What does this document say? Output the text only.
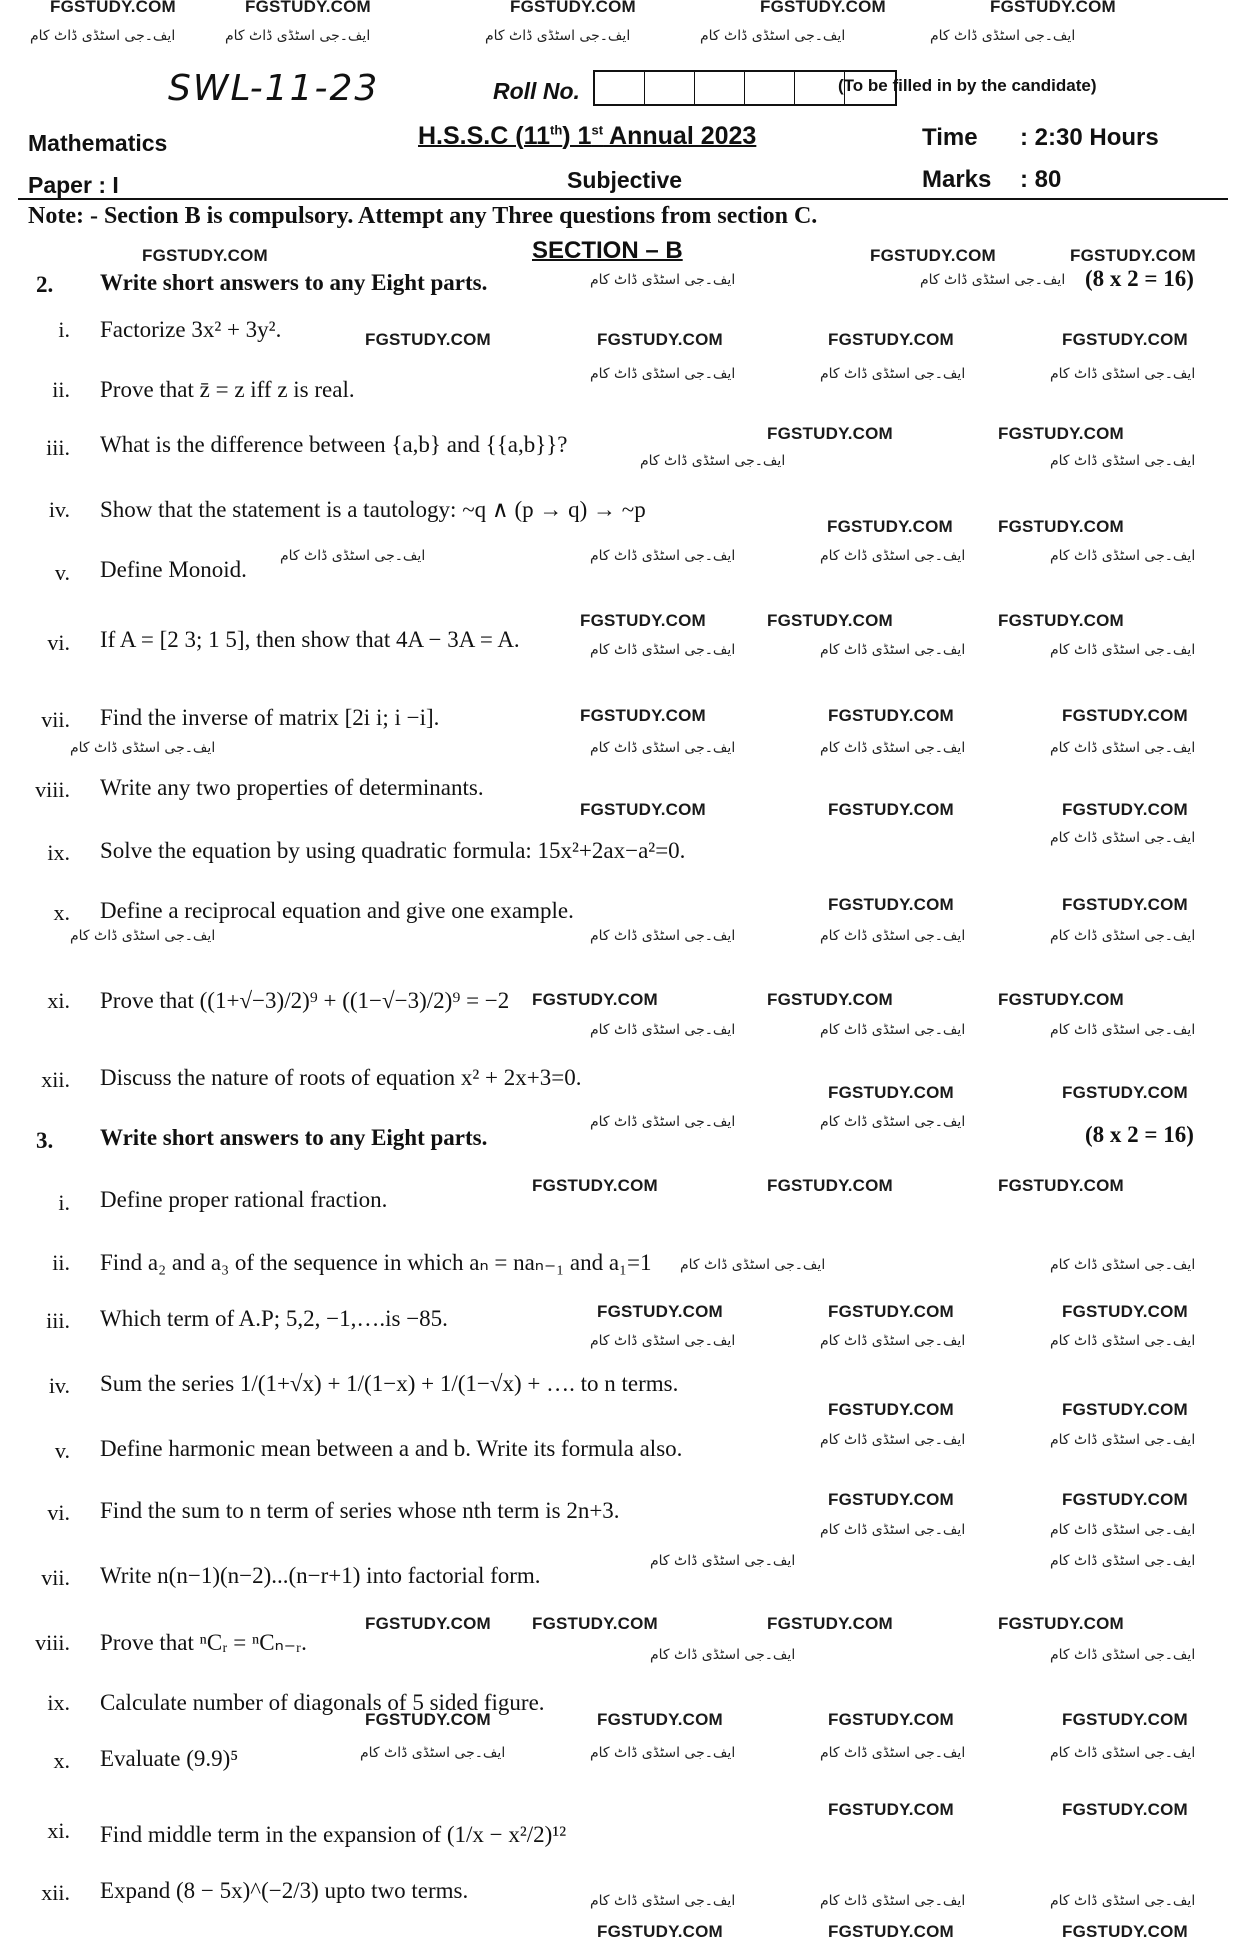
FGSTUDY.COM	FGSTUDY.COM	FGSTUDY.COM	FGSTUDY.COM	FGSTUDY.COM
ایف۔جی اسٹڈی ڈاٹ کام	ایف۔جی اسٹڈی ڈاٹ کام	ایف۔جی اسٹڈی ڈاٹ کام	ایف۔جی اسٹڈی ڈاٹ کام	ایف۔جی اسٹڈی ڈاٹ کام
FGSTUDY.COM	FGSTUDY.COM	FGSTUDY.COM
ایف۔جی اسٹڈی ڈاٹ کام	ایف۔جی اسٹڈی ڈاٹ کام
FGSTUDY.COM	FGSTUDY.COM	FGSTUDY.COM	FGSTUDY.COM
ایف۔جی اسٹڈی ڈاٹ کام	ایف۔جی اسٹڈی ڈاٹ کام	ایف۔جی اسٹڈی ڈاٹ کام
FGSTUDY.COM	FGSTUDY.COM
ایف۔جی اسٹڈی ڈاٹ کام	ایف۔جی اسٹڈی ڈاٹ کام
FGSTUDY.COM	FGSTUDY.COM
ایف۔جی اسٹڈی ڈاٹ کام	ایف۔جی اسٹڈی ڈاٹ کام	ایف۔جی اسٹڈی ڈاٹ کام	ایف۔جی اسٹڈی ڈاٹ کام
FGSTUDY.COM	FGSTUDY.COM	FGSTUDY.COM
ایف۔جی اسٹڈی ڈاٹ کام	ایف۔جی اسٹڈی ڈاٹ کام	ایف۔جی اسٹڈی ڈاٹ کام
FGSTUDY.COM	FGSTUDY.COM	FGSTUDY.COM
ایف۔جی اسٹڈی ڈاٹ کام	ایف۔جی اسٹڈی ڈاٹ کام	ایف۔جی اسٹڈی ڈاٹ کام	ایف۔جی اسٹڈی ڈاٹ کام
FGSTUDY.COM	FGSTUDY.COM	FGSTUDY.COM
ایف۔جی اسٹڈی ڈاٹ کام
FGSTUDY.COM	FGSTUDY.COM
ایف۔جی اسٹڈی ڈاٹ کام	ایف۔جی اسٹڈی ڈاٹ کام	ایف۔جی اسٹڈی ڈاٹ کام	ایف۔جی اسٹڈی ڈاٹ کام
FGSTUDY.COM	FGSTUDY.COM	FGSTUDY.COM
ایف۔جی اسٹڈی ڈاٹ کام	ایف۔جی اسٹڈی ڈاٹ کام	ایف۔جی اسٹڈی ڈاٹ کام
FGSTUDY.COM	FGSTUDY.COM
ایف۔جی اسٹڈی ڈاٹ کام	ایف۔جی اسٹڈی ڈاٹ کام
FGSTUDY.COM	FGSTUDY.COM	FGSTUDY.COM
ایف۔جی اسٹڈی ڈاٹ کام	ایف۔جی اسٹڈی ڈاٹ کام
FGSTUDY.COM	FGSTUDY.COM	FGSTUDY.COM
ایف۔جی اسٹڈی ڈاٹ کام	ایف۔جی اسٹڈی ڈاٹ کام	ایف۔جی اسٹڈی ڈاٹ کام
FGSTUDY.COM	FGSTUDY.COM
ایف۔جی اسٹڈی ڈاٹ کام	ایف۔جی اسٹڈی ڈاٹ کام
FGSTUDY.COM	FGSTUDY.COM
ایف۔جی اسٹڈی ڈاٹ کام	ایف۔جی اسٹڈی ڈاٹ کام
ایف۔جی اسٹڈی ڈاٹ کام	ایف۔جی اسٹڈی ڈاٹ کام
FGSTUDY.COM FGSTUDY.COM	FGSTUDY.COM	FGSTUDY.COM
ایف۔جی اسٹڈی ڈاٹ کام	ایف۔جی اسٹڈی ڈاٹ کام
FGSTUDY.COM	FGSTUDY.COM	FGSTUDY.COM	FGSTUDY.COM
ایف۔جی اسٹڈی ڈاٹ کام	ایف۔جی اسٹڈی ڈاٹ کام	ایف۔جی اسٹڈی ڈاٹ کام	ایف۔جی اسٹڈی ڈاٹ کام
FGSTUDY.COM	FGSTUDY.COM
ایف۔جی اسٹڈی ڈاٹ کام	ایف۔جی اسٹڈی ڈاٹ کام	ایف۔جی اسٹڈی ڈاٹ کام
FGSTUDY.COM	FGSTUDY.COM	FGSTUDY.COM
SWL-11-23	Roll No.	(To be filled in by the candidate)
Mathematics
Paper : I
H.S.S.C (11th) 1st Annual 2023
Subjective
Time : 2:30 Hours
Marks : 80
Note: - Section B is compulsory. Attempt any Three questions from section C.
SECTION – B
2. Write short answers to any Eight parts.	(8 x 2 = 16)
i. Factorize 3x² + 3y².
ii. Prove that z̄ = z iff z is real.
iii. What is the difference between {a,b} and {{a,b}}?
iv. Show that the statement is a tautology: ~q ∧ (p → q) → ~p
v. Define Monoid.
vi. If A = [2 3; 1 5], then show that 4A − 3A = A.
vii. Find the inverse of matrix [2i i; i −i].
viii. Write any two properties of determinants.
ix. Solve the equation by using quadratic formula: 15x²+2ax−a²=0.
x. Define a reciprocal equation and give one example.
xi. Prove that ((1+√−3)/2)⁹ + ((1−√−3)/2)⁹ = −2
xii. Discuss the nature of roots of equation x² + 2x+3=0.
3. Write short answers to any Eight parts.	(8 x 2 = 16)
i. Define proper rational fraction.
ii. Find a₂ and a₃ of the sequence in which aₙ = naₙ₋₁ and a₁=1
iii. Which term of A.P; 5,2, −1,….is −85.
iv. Sum the series 1/(1+√x) + 1/(1−x) + 1/(1−√x) + …. to n terms.
v. Define harmonic mean between a and b. Write its formula also.
vi. Find the sum to n term of series whose nth term is 2n+3.
vii. Write n(n−1)(n−2)...(n−r+1) into factorial form.
viii. Prove that ⁿCᵣ = ⁿCₙ₋ᵣ.
ix. Calculate number of diagonals of 5 sided figure.
x. Evaluate (9.9)⁵
xi. Find middle term in the expansion of (1/x − x²/2)¹²
xii. Expand (8 − 5x)^(−2/3) upto two terms.
